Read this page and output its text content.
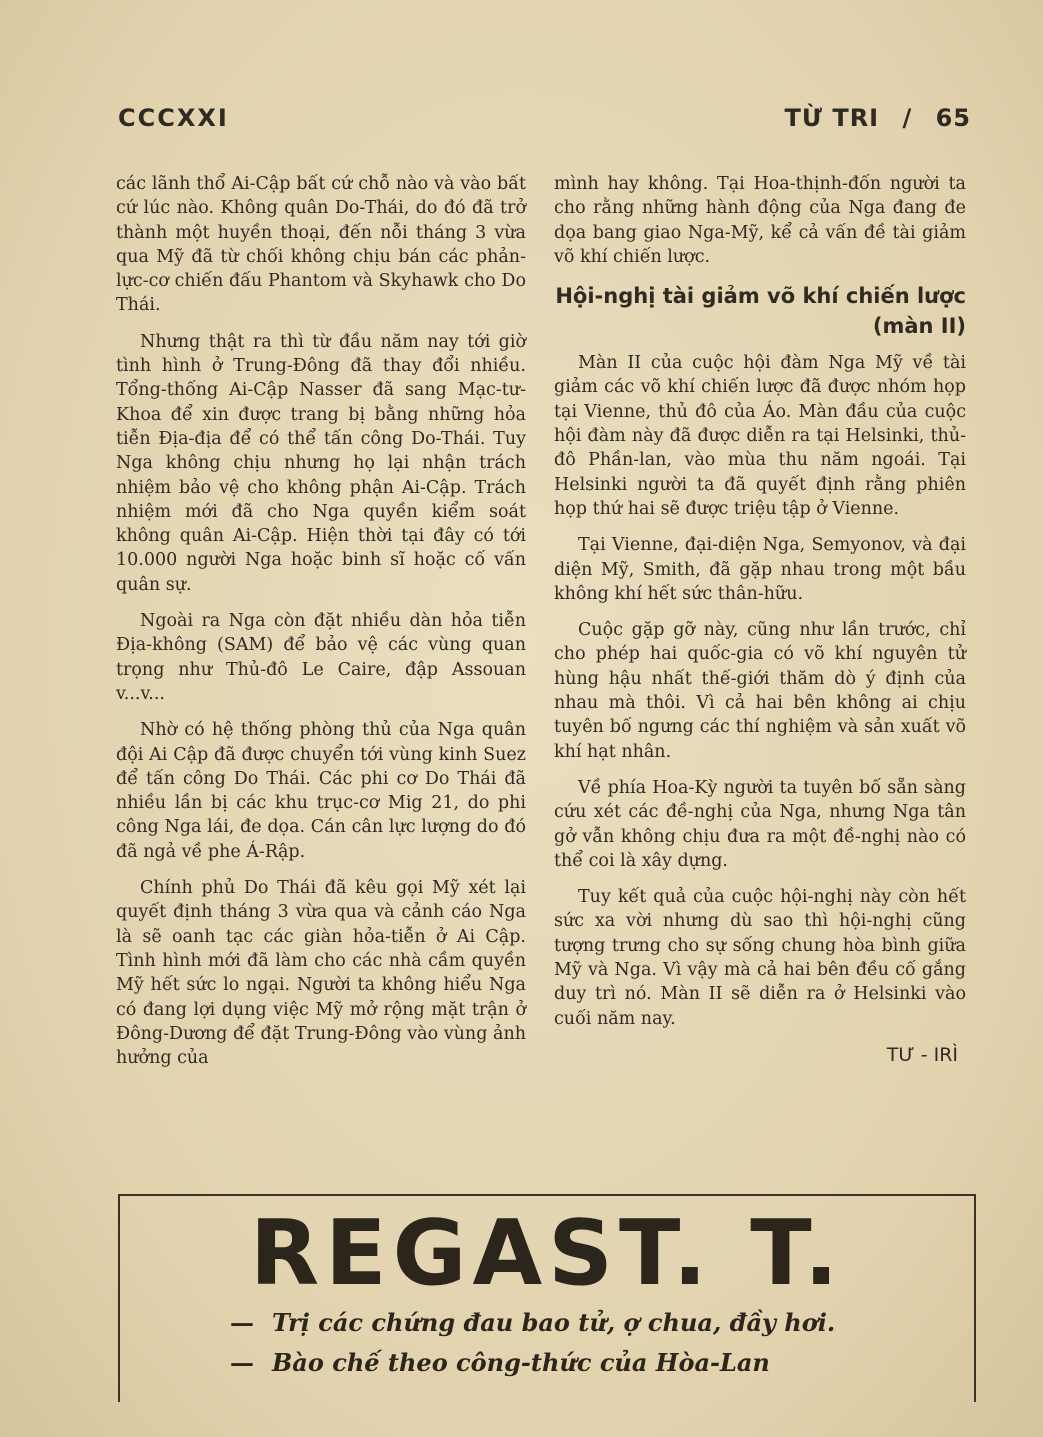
CCCXXI	TỪ TRI / 65

các lãnh thổ Ai-Cập bất cứ chỗ nào và vào bất cứ lúc nào. Không quân Do-Thái, do đó đã trở thành một huyền thoại, đến nỗi tháng 3 vừa qua Mỹ đã từ chối không chịu bán các phản-lực-cơ chiến đấu Phantom và Skyhawk cho Do Thái.

Nhưng thật ra thì từ đầu năm nay tới giờ tình hình ở Trung-Đông đã thay đổi nhiều. Tổng-thống Ai-Cập Nasser đã sang Mạc-tư-Khoa để xin được trang bị bằng những hỏa tiễn Địa-địa để có thể tấn công Do-Thái. Tuy Nga không chịu nhưng họ lại nhận trách nhiệm bảo vệ cho không phận Ai-Cập. Trách nhiệm mới đã cho Nga quyền kiểm soát không quân Ai-Cập. Hiện thời tại đây có tới 10.000 người Nga hoặc binh sĩ hoặc cố vấn quân sự.

Ngoài ra Nga còn đặt nhiều dàn hỏa tiễn Địa-không (SAM) để bảo vệ các vùng quan trọng như Thủ-đô Le Caire, đập Assouan v...v...

Nhờ có hệ thống phòng thủ của Nga quân đội Ai Cập đã được chuyển tới vùng kinh Suez để tấn công Do Thái. Các phi cơ Do Thái đã nhiều lần bị các khu trục-cơ Mig 21, do phi công Nga lái, đe dọa. Cán cân lực lượng do đó đã ngả về phe Á-Rập.

Chính phủ Do Thái đã kêu gọi Mỹ xét lại quyết định tháng 3 vừa qua và cảnh cáo Nga là sẽ oanh tạc các giàn hỏa-tiễn ở Ai Cập. Tình hình mới đã làm cho các nhà cầm quyền Mỹ hết sức lo ngại. Người ta không hiểu Nga có đang lợi dụng việc Mỹ mở rộng mặt trận ở Đông-Dương để đặt Trung-Đông vào vùng ảnh hưởng của

mình hay không. Tại Hoa-thịnh-đốn người ta cho rằng những hành động của Nga đang đe dọa bang giao Nga-Mỹ, kể cả vấn đề tài giảm võ khí chiến lược.

Hội-nghị tài giảm võ khí chiến lược (màn II)

Màn II của cuộc hội đàm Nga Mỹ về tài giảm các võ khí chiến lược đã được nhóm họp tại Vienne, thủ đô của Áo. Màn đầu của cuộc hội đàm này đã được diễn ra tại Helsinki, thủ-đô Phần-lan, vào mùa thu năm ngoái. Tại Helsinki người ta đã quyết định rằng phiên họp thứ hai sẽ được triệu tập ở Vienne.

Tại Vienne, đại-diện Nga, Semyonov, và đại diện Mỹ, Smith, đã gặp nhau trong một bầu không khí hết sức thân-hữu.

Cuộc gặp gỡ này, cũng như lần trước, chỉ cho phép hai quốc-gia có võ khí nguyên tử hùng hậu nhất thế-giới thăm dò ý định của nhau mà thôi. Vì cả hai bên không ai chịu tuyên bố ngưng các thí nghiệm và sản xuất võ khí hạt nhân.

Về phía Hoa-Kỳ người ta tuyên bố sẵn sàng cứu xét các đề-nghị của Nga, nhưng Nga tân gở vẫn không chịu đưa ra một đề-nghị nào có thể coi là xây dựng.

Tuy kết quả của cuộc hội-nghị này còn hết sức xa vời nhưng dù sao thì hội-nghị cũng tượng trưng cho sự sống chung hòa bình giữa Mỹ và Nga. Vì vậy mà cả hai bên đều cố gắng duy trì nó. Màn II sẽ diễn ra ở Helsinki vào cuối năm nay.

TƯ - IRÌ
REGAST. T.
— Trị các chứng đau bao tử, ợ chua, đầy hơi.
— Bào chế theo công-thức của Hòa-Lan
